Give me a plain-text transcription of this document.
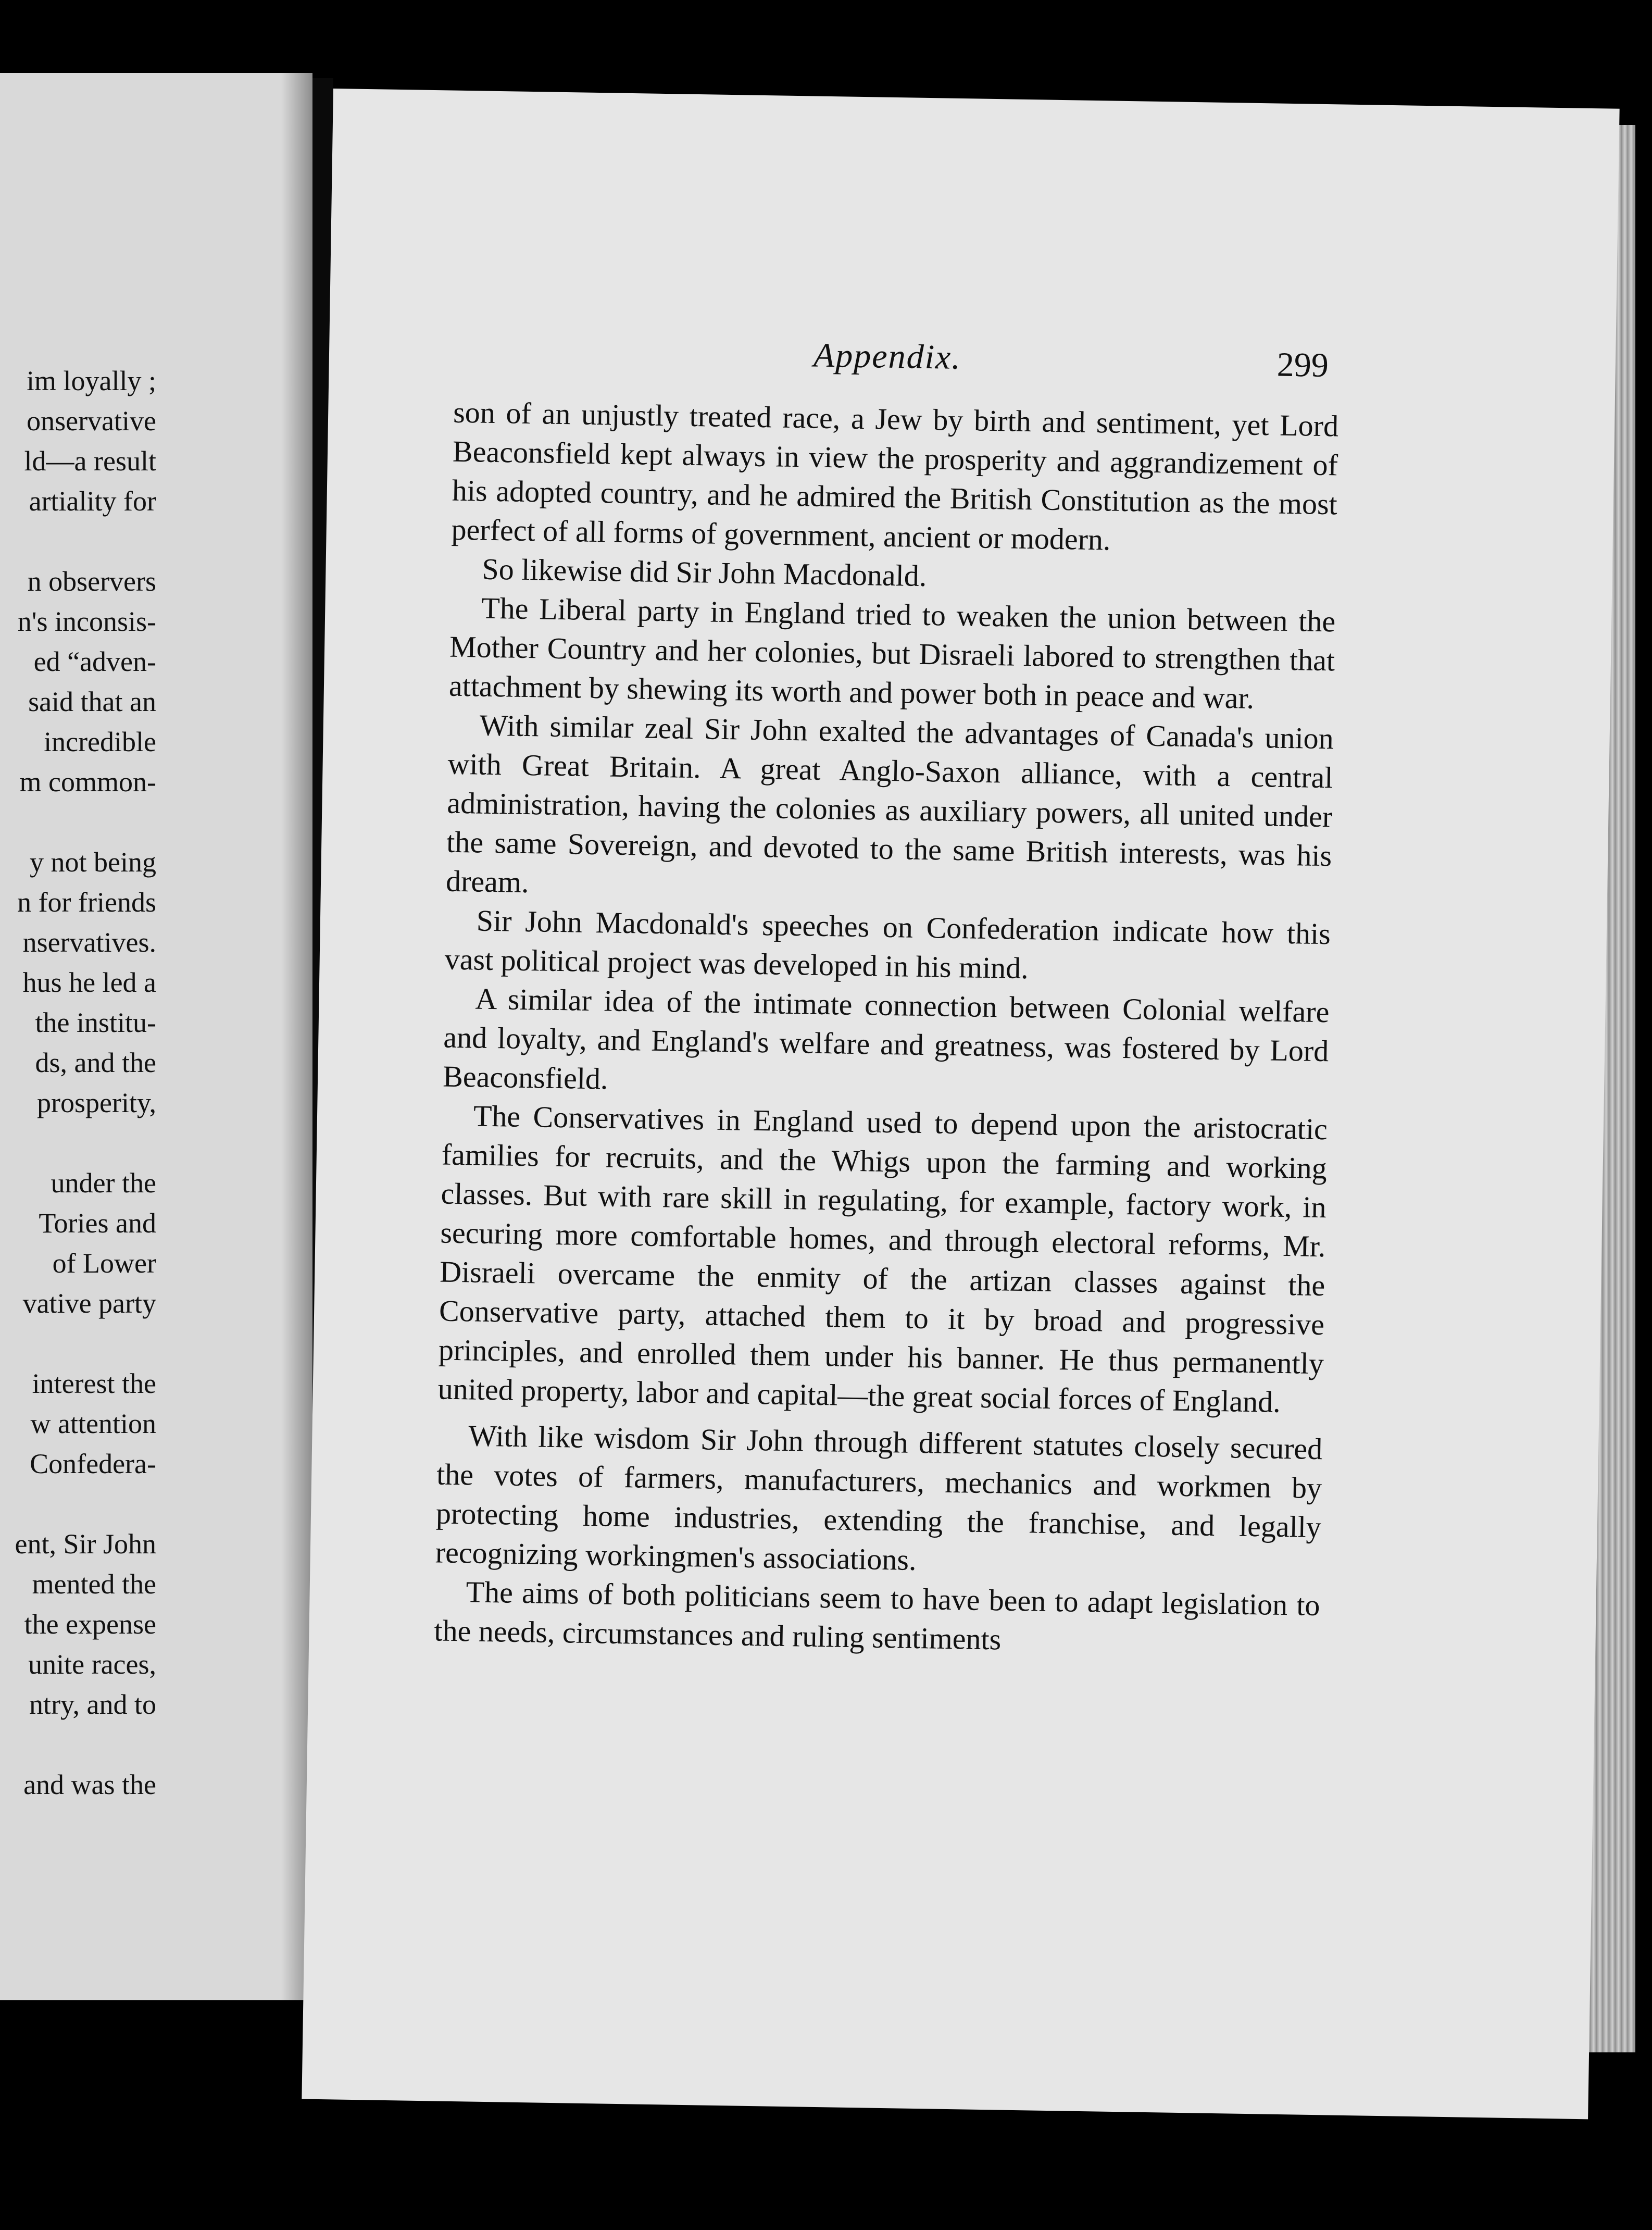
im loyally ;
onservative
ld—a result
artiality for
n observers
n's inconsis-
ed “adven-
said that an
incredible
m common-
y not being
n for friends
nservatives.
hus he led a
the institu-
ds, and the
prosperity,
under the
Tories and
of Lower
vative party
interest the
w attention
Confedera-
ent, Sir John
mented the
the expense
unite races,
ntry, and to
and was the
Appendix.	299

son of an unjustly treated race, a Jew by birth and sentiment, yet Lord Beaconsfield kept always in view the prosperity and aggrandizement of his adopted country, and he admired the British Constitution as the most perfect of all forms of government, ancient or modern.

So likewise did Sir John Macdonald.

The Liberal party in England tried to weaken the union between the Mother Country and her colonies, but Disraeli labored to strengthen that attachment by shewing its worth and power both in peace and war.

With similar zeal Sir John exalted the advantages of Canada's union with Great Britain. A great Anglo-Saxon alliance, with a central administration, having the colonies as auxiliary powers, all united under the same Sovereign, and devoted to the same British interests, was his dream.

Sir John Macdonald's speeches on Confederation indicate how this vast political project was developed in his mind.

A similar idea of the intimate connection between Colonial welfare and loyalty, and England's welfare and greatness, was fostered by Lord Beaconsfield.

The Conservatives in England used to depend upon the aristocratic families for recruits, and the Whigs upon the farming and working classes. But with rare skill in regulating, for example, factory work, in securing more comfortable homes, and through electoral reforms, Mr. Disraeli overcame the enmity of the artizan classes against the Conservative party, attached them to it by broad and progressive principles, and enrolled them under his banner. He thus permanently united property, labor and capital—the great social forces of England.

With like wisdom Sir John through different statutes closely secured the votes of farmers, manufacturers, mechanics and workmen by protecting home industries, extending the franchise, and legally recognizing workingmen's associations.

The aims of both politicians seem to have been to adapt legislation to the needs, circumstances and ruling sentiments
